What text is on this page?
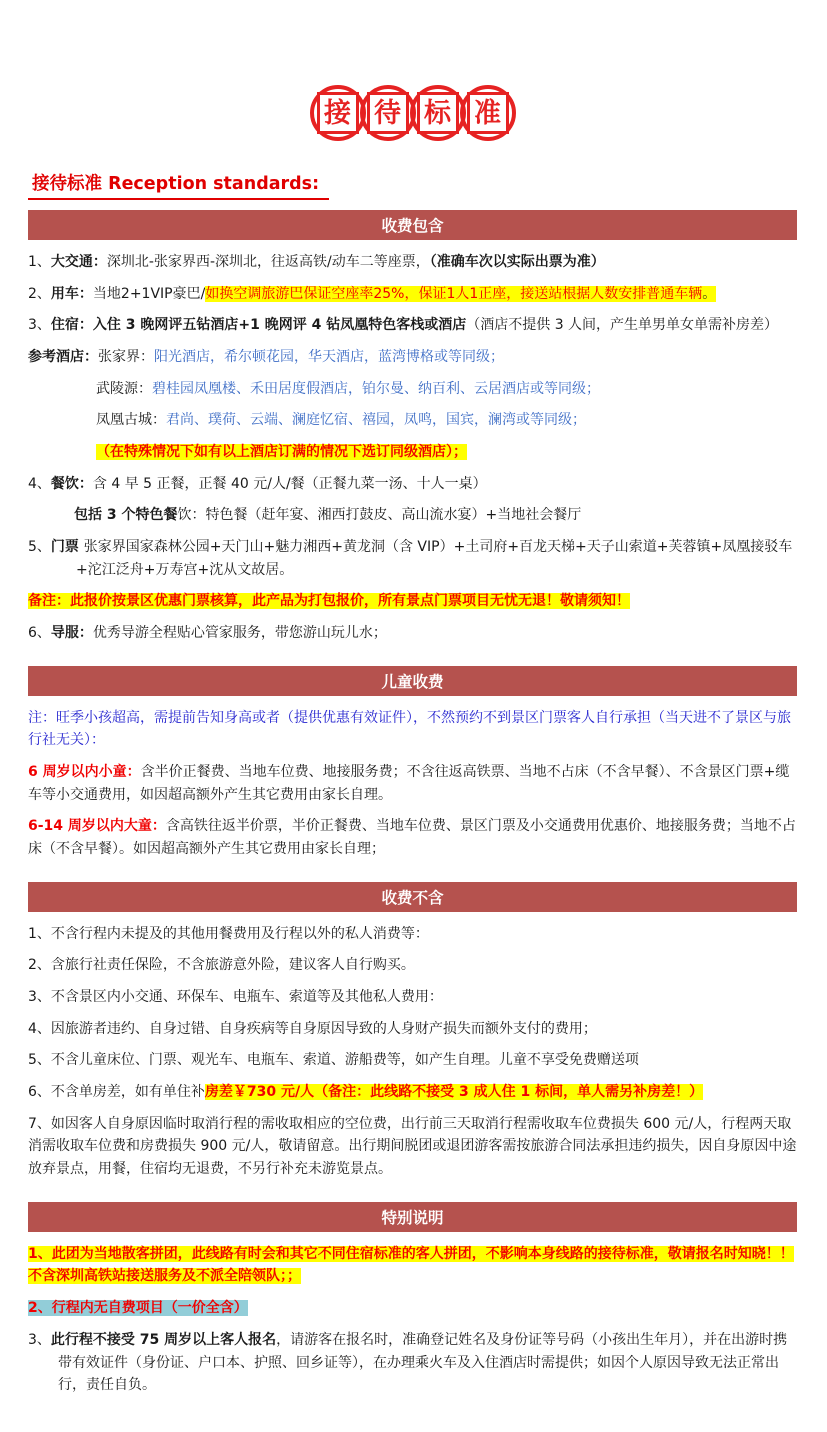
接 待 标 准
接待标准 Reception standards:
收费包含

1、大交通：深圳北-张家界西-深圳北，往返高铁/动车二等座票，（准确车次以实际出票为准）

2、用车：当地2+1VIP豪巴/如换空调旅游巴保证空座率25%，保证1人1正座，接送站根据人数安排普通车辆。

3、住宿：入住 3 晚网评五钻酒店+1 晚网评 4 钻凤凰特色客栈或酒店（酒店不提供 3 人间，产生单男单女单需补房差）

参考酒店：张家界：阳光酒店，希尔顿花园，华天酒店，蓝湾博格或等同级；

武陵源：碧桂园凤凰楼、禾田居度假酒店，铂尔曼、纳百利、云居酒店或等同级；

凤凰古城：君尚、璞荷、云端、澜庭忆宿、禧园，凤鸣，国宾，澜湾或等同级；

（在特殊情况下如有以上酒店订满的情况下选订同级酒店）；

4、餐饮：含 4 早 5 正餐，正餐 40 元/人/餐（正餐九菜一汤、十人一桌）

包括 3 个特色餐饮：特色餐（赶年宴、湘西打鼓皮、高山流水宴）+当地社会餐厅

5、门票 张家界国家森林公园+天门山+魅力湘西+黄龙洞（含 VIP）+土司府+百龙天梯+天子山索道+芙蓉镇+凤凰接驳车+沱江泛舟+万寿宫+沈从文故居。

备注：此报价按景区优惠门票核算，此产品为打包报价，所有景点门票项目无忧无退！敬请须知！

6、导服：优秀导游全程贴心管家服务，带您游山玩儿水；

儿童收费

注：旺季小孩超高，需提前告知身高或者（提供优惠有效证件），不然预约不到景区门票客人自行承担（当天进不了景区与旅行社无关）：

6 周岁以内小童：含半价正餐费、当地车位费、地接服务费；不含往返高铁票、当地不占床（不含早餐）、不含景区门票+缆车等小交通费用，如因超高额外产生其它费用由家长自理。

6-14 周岁以内大童：含高铁往返半价票，半价正餐费、当地车位费、景区门票及小交通费用优惠价、地接服务费；当地不占床（不含早餐）。如因超高额外产生其它费用由家长自理；

收费不含

1、不含行程内未提及的其他用餐费用及行程以外的私人消费等：

2、含旅行社责任保险，不含旅游意外险，建议客人自行购买。

3、不含景区内小交通、环保车、电瓶车、索道等及其他私人费用：

4、因旅游者违约、自身过错、自身疾病等自身原因导致的人身财产损失而额外支付的费用；

5、不含儿童床位、门票、观光车、电瓶车、索道、游船费等，如产生自理。儿童不享受免费赠送项

6、不含单房差，如有单住补房差￥730 元/人（备注：此线路不接受 3 成人住 1 标间，单人需另补房差！）

7、如因客人自身原因临时取消行程的需收取相应的空位费，出行前三天取消行程需收取车位费损失 600 元/人，行程两天取消需收取车位费和房费损失 900 元/人，敬请留意。出行期间脱团或退团游客需按旅游合同法承担违约损失，因自身原因中途放弃景点，用餐，住宿均无退费，不另行补充未游览景点。

特别说明

1、此团为当地散客拼团，此线路有时会和其它不同住宿标准的客人拼团，不影响本身线路的接待标准，敬请报名时知晓！！不含深圳高铁站接送服务及不派全陪领队；；

2、行程内无自费项目（一价全含）

3、此行程不接受 75 周岁以上客人报名，请游客在报名时，准确登记姓名及身份证等号码（小孩出生年月），并在出游时携带有效证件（身份证、户口本、护照、回乡证等），在办理乘火车及入住酒店时需提供；如因个人原因导致无法正常出行，责任自负。
